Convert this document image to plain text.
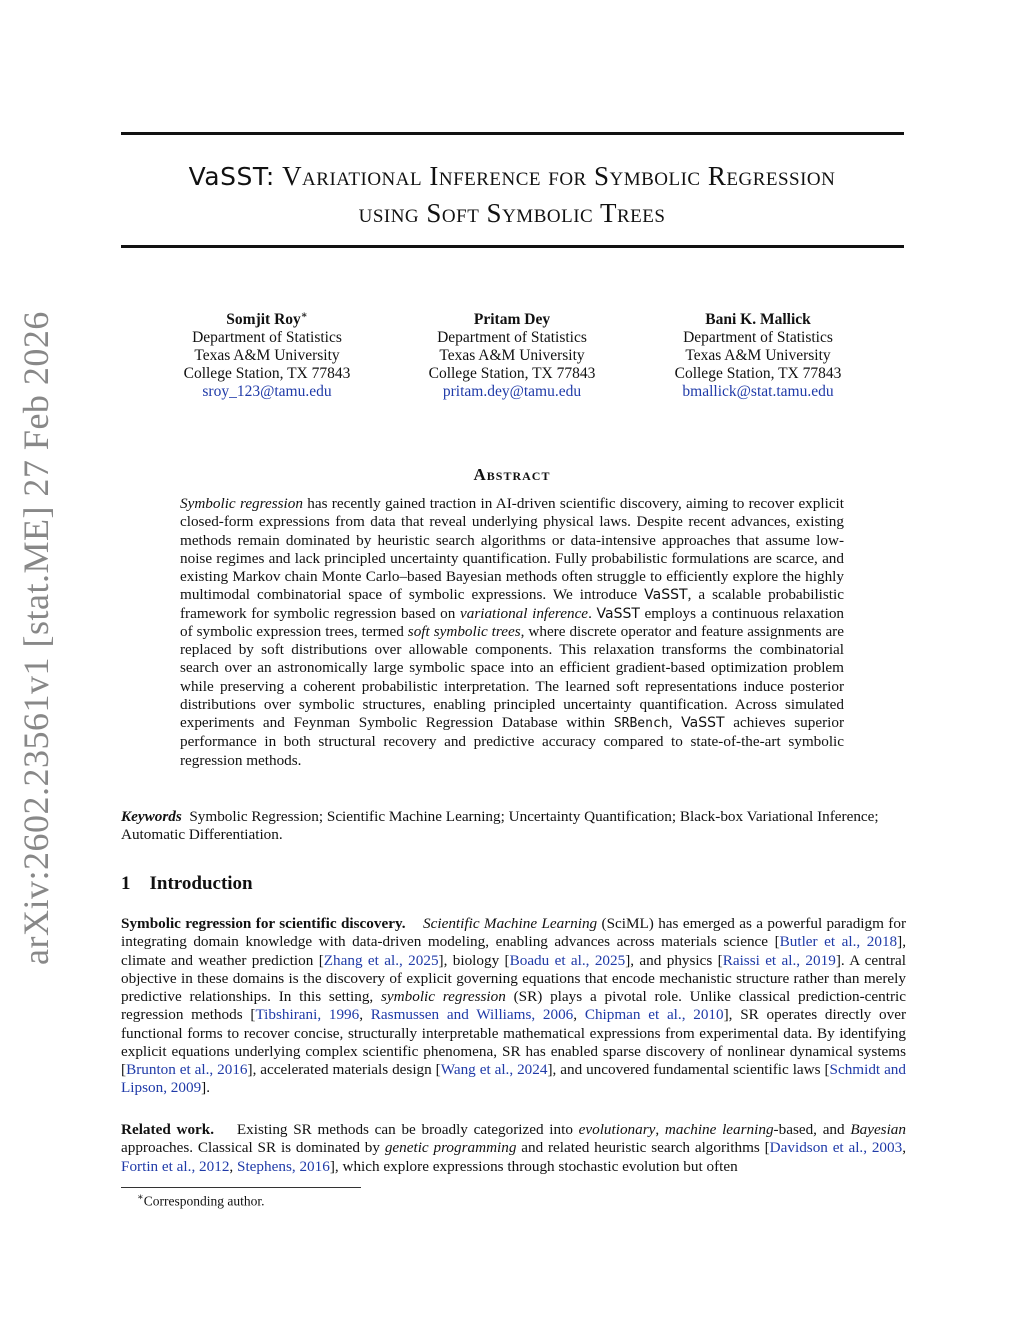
arXiv:2602.23561v1 [stat.ME] 27 Feb 2026
VaSST: Variational Inference for Symbolic Regression
using Soft Symbolic Trees
Somjit Roy∗
Department of Statistics
Texas A&M University
College Station, TX 77843
sroy_123@tamu.edu
Pritam Dey
Department of Statistics
Texas A&M University
College Station, TX 77843
pritam.dey@tamu.edu
Bani K. Mallick
Department of Statistics
Texas A&M University
College Station, TX 77843
bmallick@stat.tamu.edu
Abstract
Symbolic regression has recently gained traction in AI-driven scientific discovery, aiming to recover explicit closed-form expressions from data that reveal underlying physical laws. Despite recent advances, existing methods remain dominated by heuristic search algorithms or data-intensive approaches that assume low-noise regimes and lack principled uncertainty quantification. Fully probabilistic formulations are scarce, and existing Markov chain Monte Carlo–based Bayesian methods often struggle to efficiently explore the highly multimodal combinatorial space of symbolic expressions. We introduce VaSST, a scalable probabilistic framework for symbolic regression based on variational inference. VaSST employs a continuous relaxation of symbolic expression trees, termed soft symbolic trees, where discrete operator and feature assignments are replaced by soft distributions over allowable components. This relaxation transforms the combinatorial search over an astronomically large symbolic space into an efficient gradient-based optimization problem while preserving a coherent probabilistic interpretation. The learned soft representations induce posterior distributions over symbolic structures, enabling principled uncertainty quantification. Across simulated experiments and Feynman Symbolic Regression Database within SRBench, VaSST achieves superior performance in both structural recovery and predictive accuracy compared to state-of-the-art symbolic regression methods.
Keywords Symbolic Regression; Scientific Machine Learning; Uncertainty Quantification; Black-box Variational Inference; Automatic Differentiation.
1 Introduction
Symbolic regression for scientific discovery. Scientific Machine Learning (SciML) has emerged as a powerful paradigm for integrating domain knowledge with data-driven modeling, enabling advances across materials science [Butler et al., 2018], climate and weather prediction [Zhang et al., 2025], biology [Boadu et al., 2025], and physics [Raissi et al., 2019]. A central objective in these domains is the discovery of explicit governing equations that encode mechanistic structure rather than merely predictive relationships. In this setting, symbolic regression (SR) plays a pivotal role. Unlike classical prediction-centric regression methods [Tibshirani, 1996, Rasmussen and Williams, 2006, Chipman et al., 2010], SR operates directly over functional forms to recover concise, structurally interpretable mathematical expressions from experimental data. By identifying explicit equations underlying complex scientific phenomena, SR has enabled sparse discovery of nonlinear dynamical systems [Brunton et al., 2016], accelerated materials design [Wang et al., 2024], and uncovered fundamental scientific laws [Schmidt and Lipson, 2009].
Related work. Existing SR methods can be broadly categorized into evolutionary, machine learning-based, and Bayesian approaches. Classical SR is dominated by genetic programming and related heuristic search algorithms [Davidson et al., 2003, Fortin et al., 2012, Stephens, 2016], which explore expressions through stochastic evolution but often
∗Corresponding author.
